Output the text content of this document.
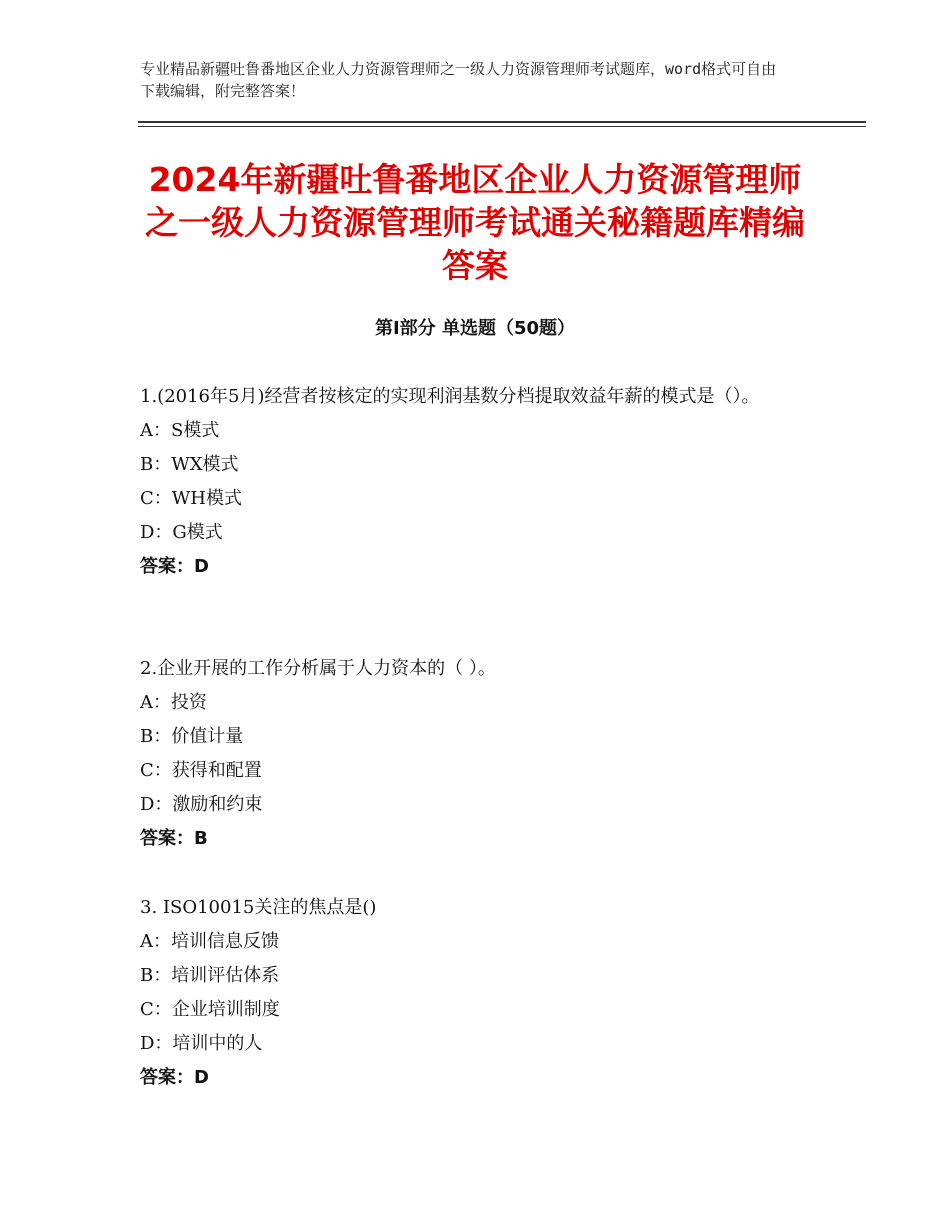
专业精品新疆吐鲁番地区企业人力资源管理师之一级人力资源管理师考试题库，word格式可自由下载编辑，附完整答案！
2024年新疆吐鲁番地区企业人力资源管理师之一级人力资源管理师考试通关秘籍题库精编答案
第Ⅰ部分 单选题（50题）
1.(2016年5月)经营者按核定的实现利润基数分档提取效益年薪的模式是（）。
A：S模式
B：WX模式
C：WH模式
D：G模式
答案：D
2.企业开展的工作分析属于人力资本的（ ）。
A：投资
B：价值计量
C：获得和配置
D：激励和约束
答案：B
3. ISO10015关注的焦点是()
A：培训信息反馈
B：培训评估体系
C：企业培训制度
D：培训中的人
答案：D
